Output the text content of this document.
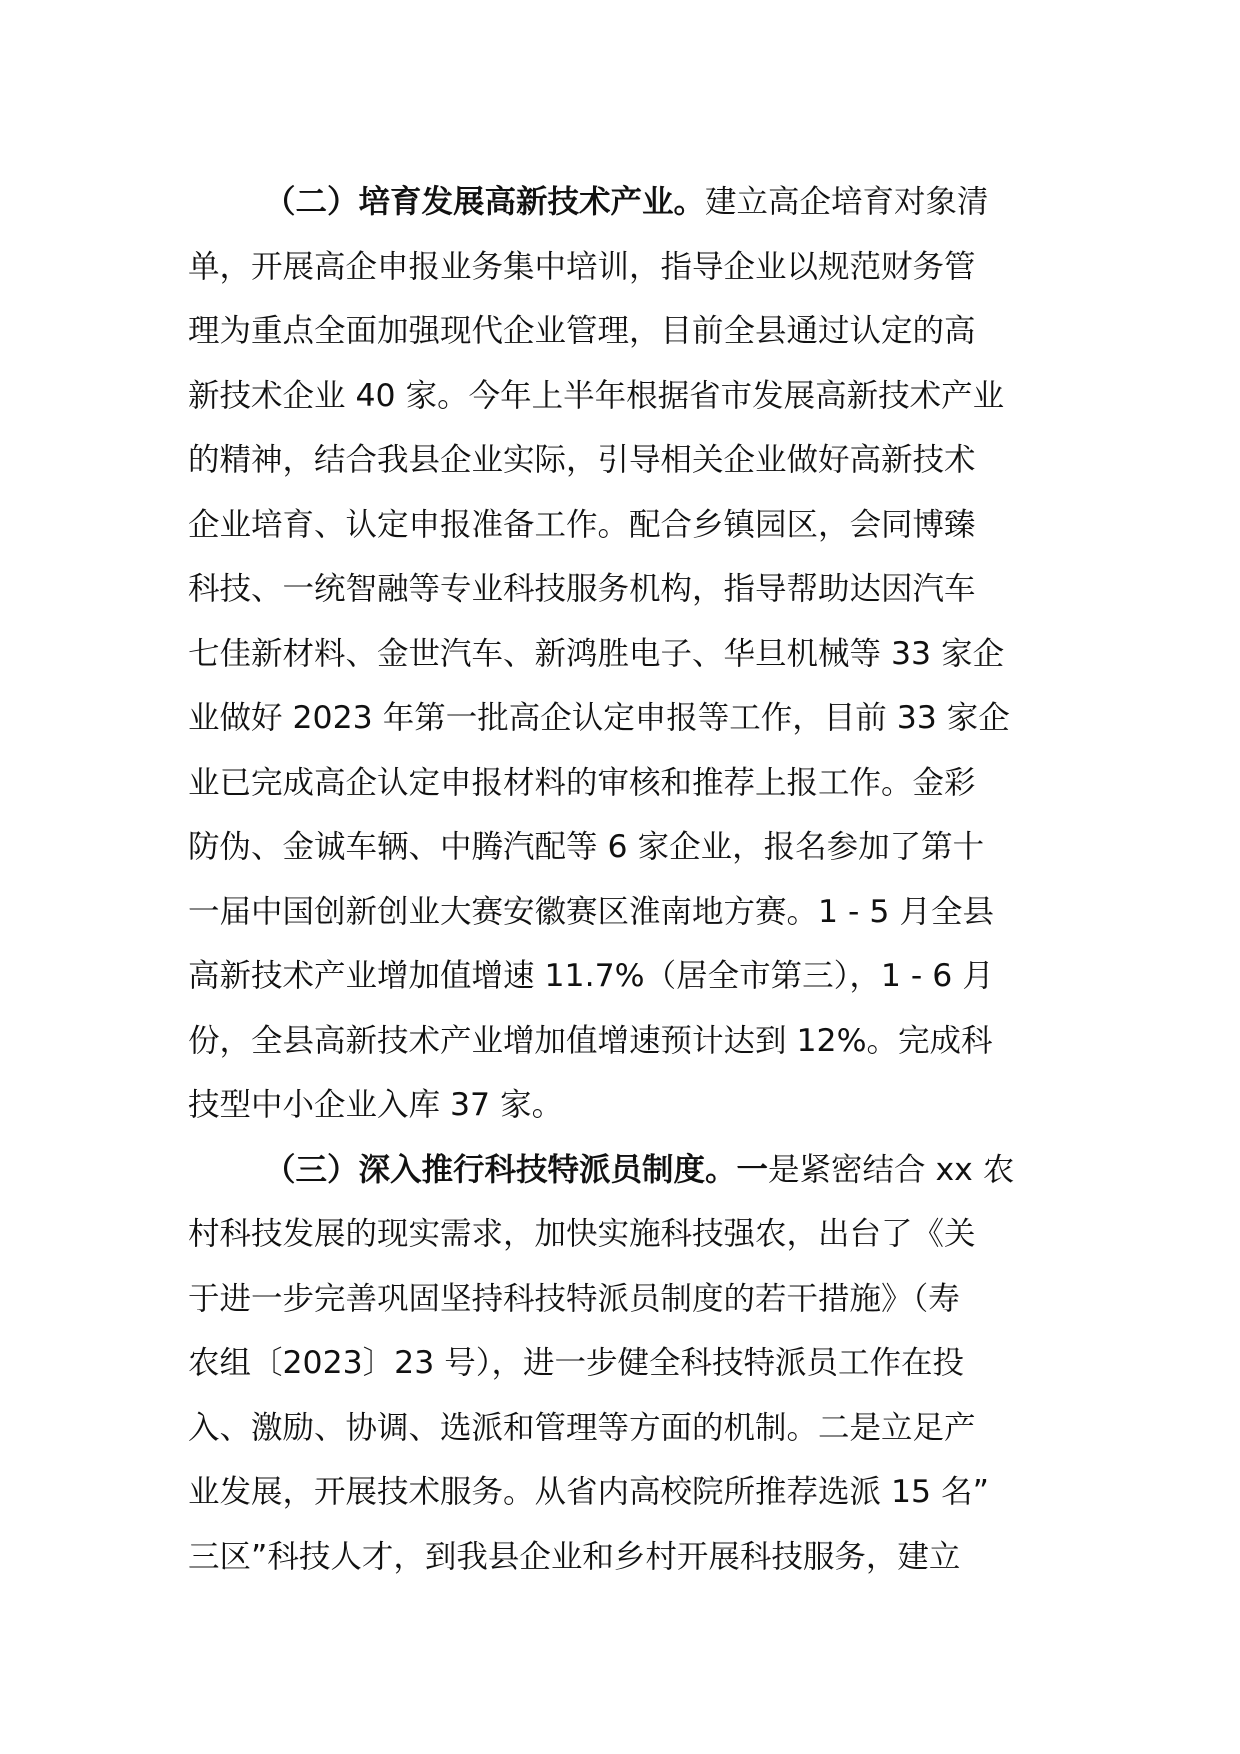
（二）培育发展高新技术产业。建立高企培育对象清
单，开展高企申报业务集中培训，指导企业以规范财务管
理为重点全面加强现代企业管理，目前全县通过认定的高
新技术企业 40 家。今年上半年根据省市发展高新技术产业
的精神，结合我县企业实际，引导相关企业做好高新技术
企业培育、认定申报准备工作。配合乡镇园区，会同博臻
科技、一统智融等专业科技服务机构，指导帮助达因汽车
七佳新材料、金世汽车、新鸿胜电子、华旦机械等 33 家企
业做好 2023 年第一批高企认定申报等工作，目前 33 家企
业已完成高企认定申报材料的审核和推荐上报工作。金彩
防伪、金诚车辆、中腾汽配等 6 家企业，报名参加了第十
一届中国创新创业大赛安徽赛区淮南地方赛。1 - 5 月全县
高新技术产业增加值增速 11.7%（居全市第三），1 - 6 月
份，全县高新技术产业增加值增速预计达到 12%。完成科
技型中小企业入库 37 家。
（三）深入推行科技特派员制度。一是紧密结合 xx 农
村科技发展的现实需求，加快实施科技强农，出台了《关
于进一步完善巩固坚持科技特派员制度的若干措施》（寿
农组〔2023〕23 号），进一步健全科技特派员工作在投
入、激励、协调、选派和管理等方面的机制。二是立足产
业发展，开展技术服务。从省内高校院所推荐选派 15 名”
三区”科技人才，到我县企业和乡村开展科技服务，建立
